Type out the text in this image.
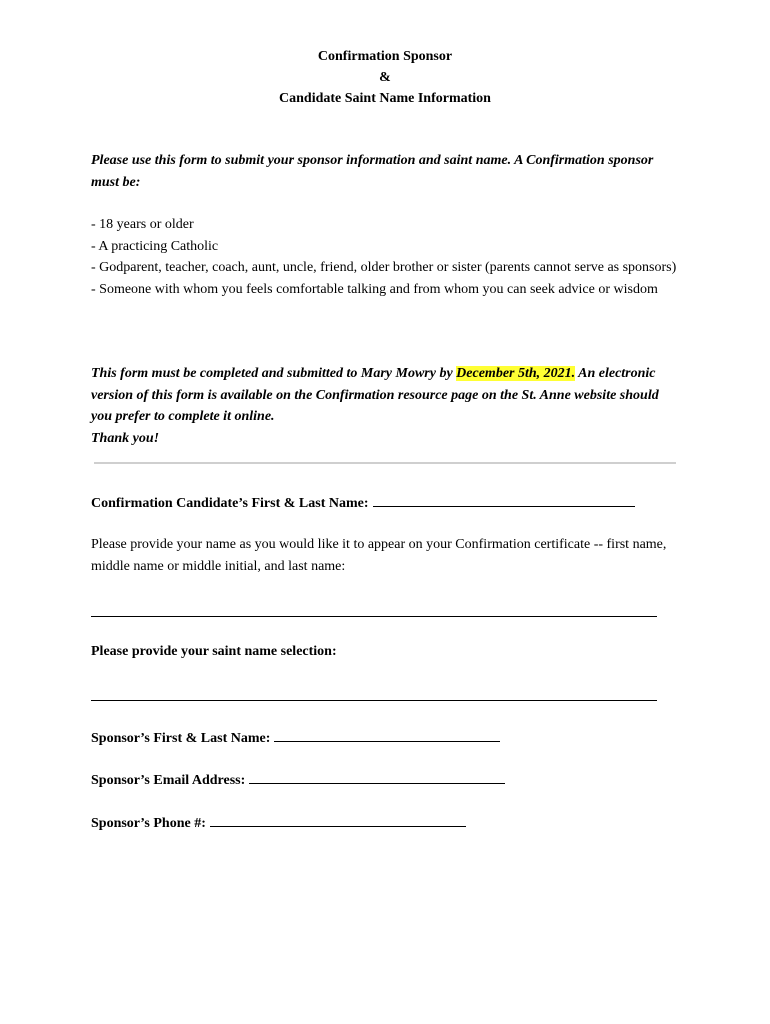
Confirmation Sponsor
&
Candidate Saint Name Information
Please use this form to submit your sponsor information and saint name. A Confirmation sponsor must be:
- 18 years or older
- A practicing Catholic
- Godparent, teacher, coach, aunt, uncle, friend, older brother or sister (parents cannot serve as sponsors)
- Someone with whom you feels comfortable talking and from whom you can seek advice or wisdom
This form must be completed and submitted to Mary Mowry by December 5th, 2021. An electronic version of this form is available on the Confirmation resource page on the St. Anne website should you prefer to complete it online.
Thank you!
Confirmation Candidate’s First & Last Name:
Please provide your name as you would like it to appear on your Confirmation certificate -- first name, middle name or middle initial, and last name:
Please provide your saint name selection:
Sponsor’s First & Last Name:
Sponsor’s Email Address:
Sponsor’s Phone #:
